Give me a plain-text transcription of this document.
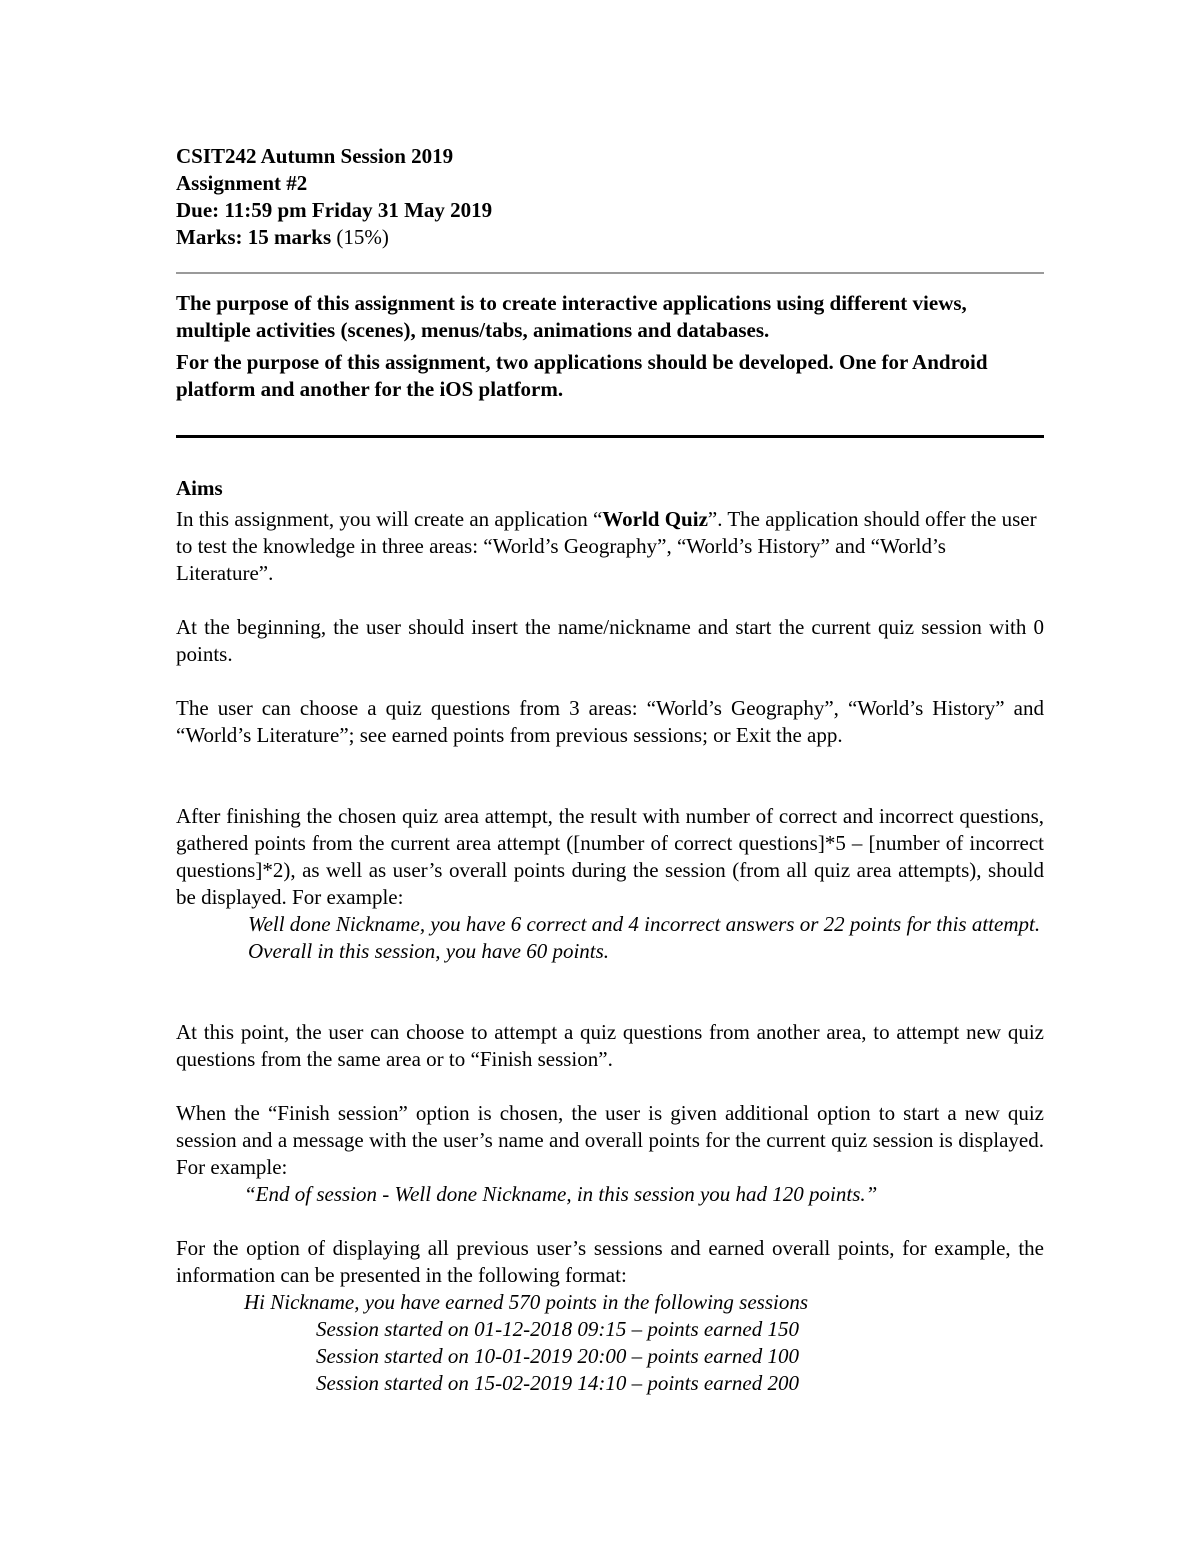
CSIT242 Autumn Session 2019
Assignment #2
Due: 11:59 pm Friday 31 May 2019
Marks: 15 marks (15%)

The purpose of this assignment is to create interactive applications using different views, multiple activities (scenes), menus/tabs, animations and databases.

For the purpose of this assignment, two applications should be developed. One for Android platform and another for the iOS platform.

Aims

In this assignment, you will create an application “World Quiz”. The application should offer the user to test the knowledge in three areas: “World’s Geography”, “World’s History” and “World’s Literature”.

At the beginning, the user should insert the name/nickname and start the current quiz session with 0 points.
The user can choose a quiz questions from 3 areas: “World’s Geography”, “World’s History” and “World’s Literature”; see earned points from previous sessions; or Exit the app.
After finishing the chosen quiz area attempt, the result with number of correct and incorrect questions, gathered points from the current area attempt ([number of correct questions]*5 – [number of incorrect questions]*2), as well as user’s overall points during the session (from all quiz area attempts), should be displayed. For example:

Well done Nickname, you have 6 correct and 4 incorrect answers or 22 points for this attempt.

Overall in this session, you have 60 points.

At this point, the user can choose to attempt a quiz questions from another area, to attempt new quiz questions from the same area or to “Finish session”.
When the “Finish session” option is chosen, the user is given additional option to start a new quiz session and a message with the user’s name and overall points for the current quiz session is displayed. For example:
“End of session - Well done Nickname, in this session you had 120 points.”
For the option of displaying all previous user’s sessions and earned overall points, for example, the information can be presented in the following format:
Hi Nickname, you have earned 570 points in the following sessions
Session started on 01-12-2018 09:15 – points earned 150
Session started on 10-01-2019 20:00 – points earned 100
Session started on 15-02-2019 14:10 – points earned 200
